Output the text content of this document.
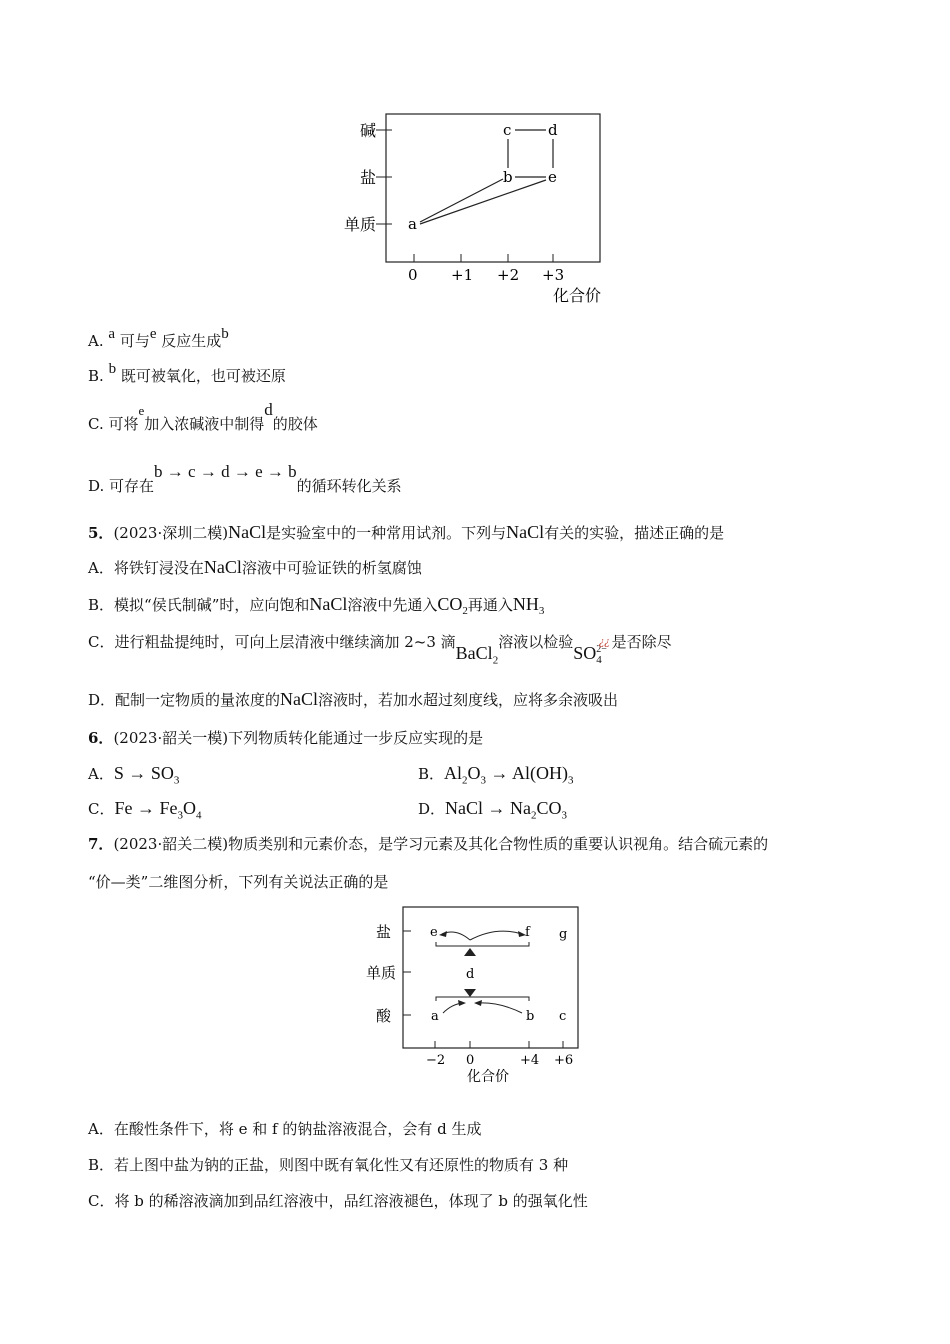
碱
盐
单质
0 +1 +2 +3
化合价
a
b
c d
e
A. a 可与e 反应生成b
B. b 既可被氧化，也可被还原
C. 可将e加入浓碱液中制得d的胶体
D. 可存在b → c → d → e → b的循环转化关系
5．(2023·深圳二模)NaCl是实验室中的一种常用试剂。下列与NaCl有关的实验，描述正确的是
A．将铁钉浸没在NaCl溶液中可验证铁的析氢腐蚀
B．模拟“侯氏制碱”时，应向饱和NaCl溶液中先通入$CO_2$再通入$NH_3$
C．进行粗盐提纯时，可向上层清液中继续滴加 2~3 滴BaCl$_2$溶液以检验SO 2−
4
¿¿ 是否除尽
D．配制一定物质的量浓度的NaCl溶液时，若加水超过刻度线，应将多余液吸出
6．(2023·韶关一模)下列物质转化能通过一步反应实现的是
A．$S \to SO_3$	B．$Al_2O_3 \to Al(OH)_3$
C．$Fe \to Fe_3O_4$	D．NaCl → $Na_2CO_3$
7．(2023·韶关二模)物质类别和元素价态，是学习元素及其化合物性质的重要认识视角。结合硫元素的
“价—类”二维图分析，下列有关说法正确的是
盐
单质
酸
−2 0	+4 +6
化合价
e	f g
d
a	b c
A．在酸性条件下，将 e 和 f 的钠盐溶液混合，会有 d 生成
B．若上图中盐为钠的正盐，则图中既有氧化性又有还原性的物质有 3 种
C．将 b 的稀溶液滴加到品红溶液中，品红溶液褪色，体现了 b 的强氧化性
